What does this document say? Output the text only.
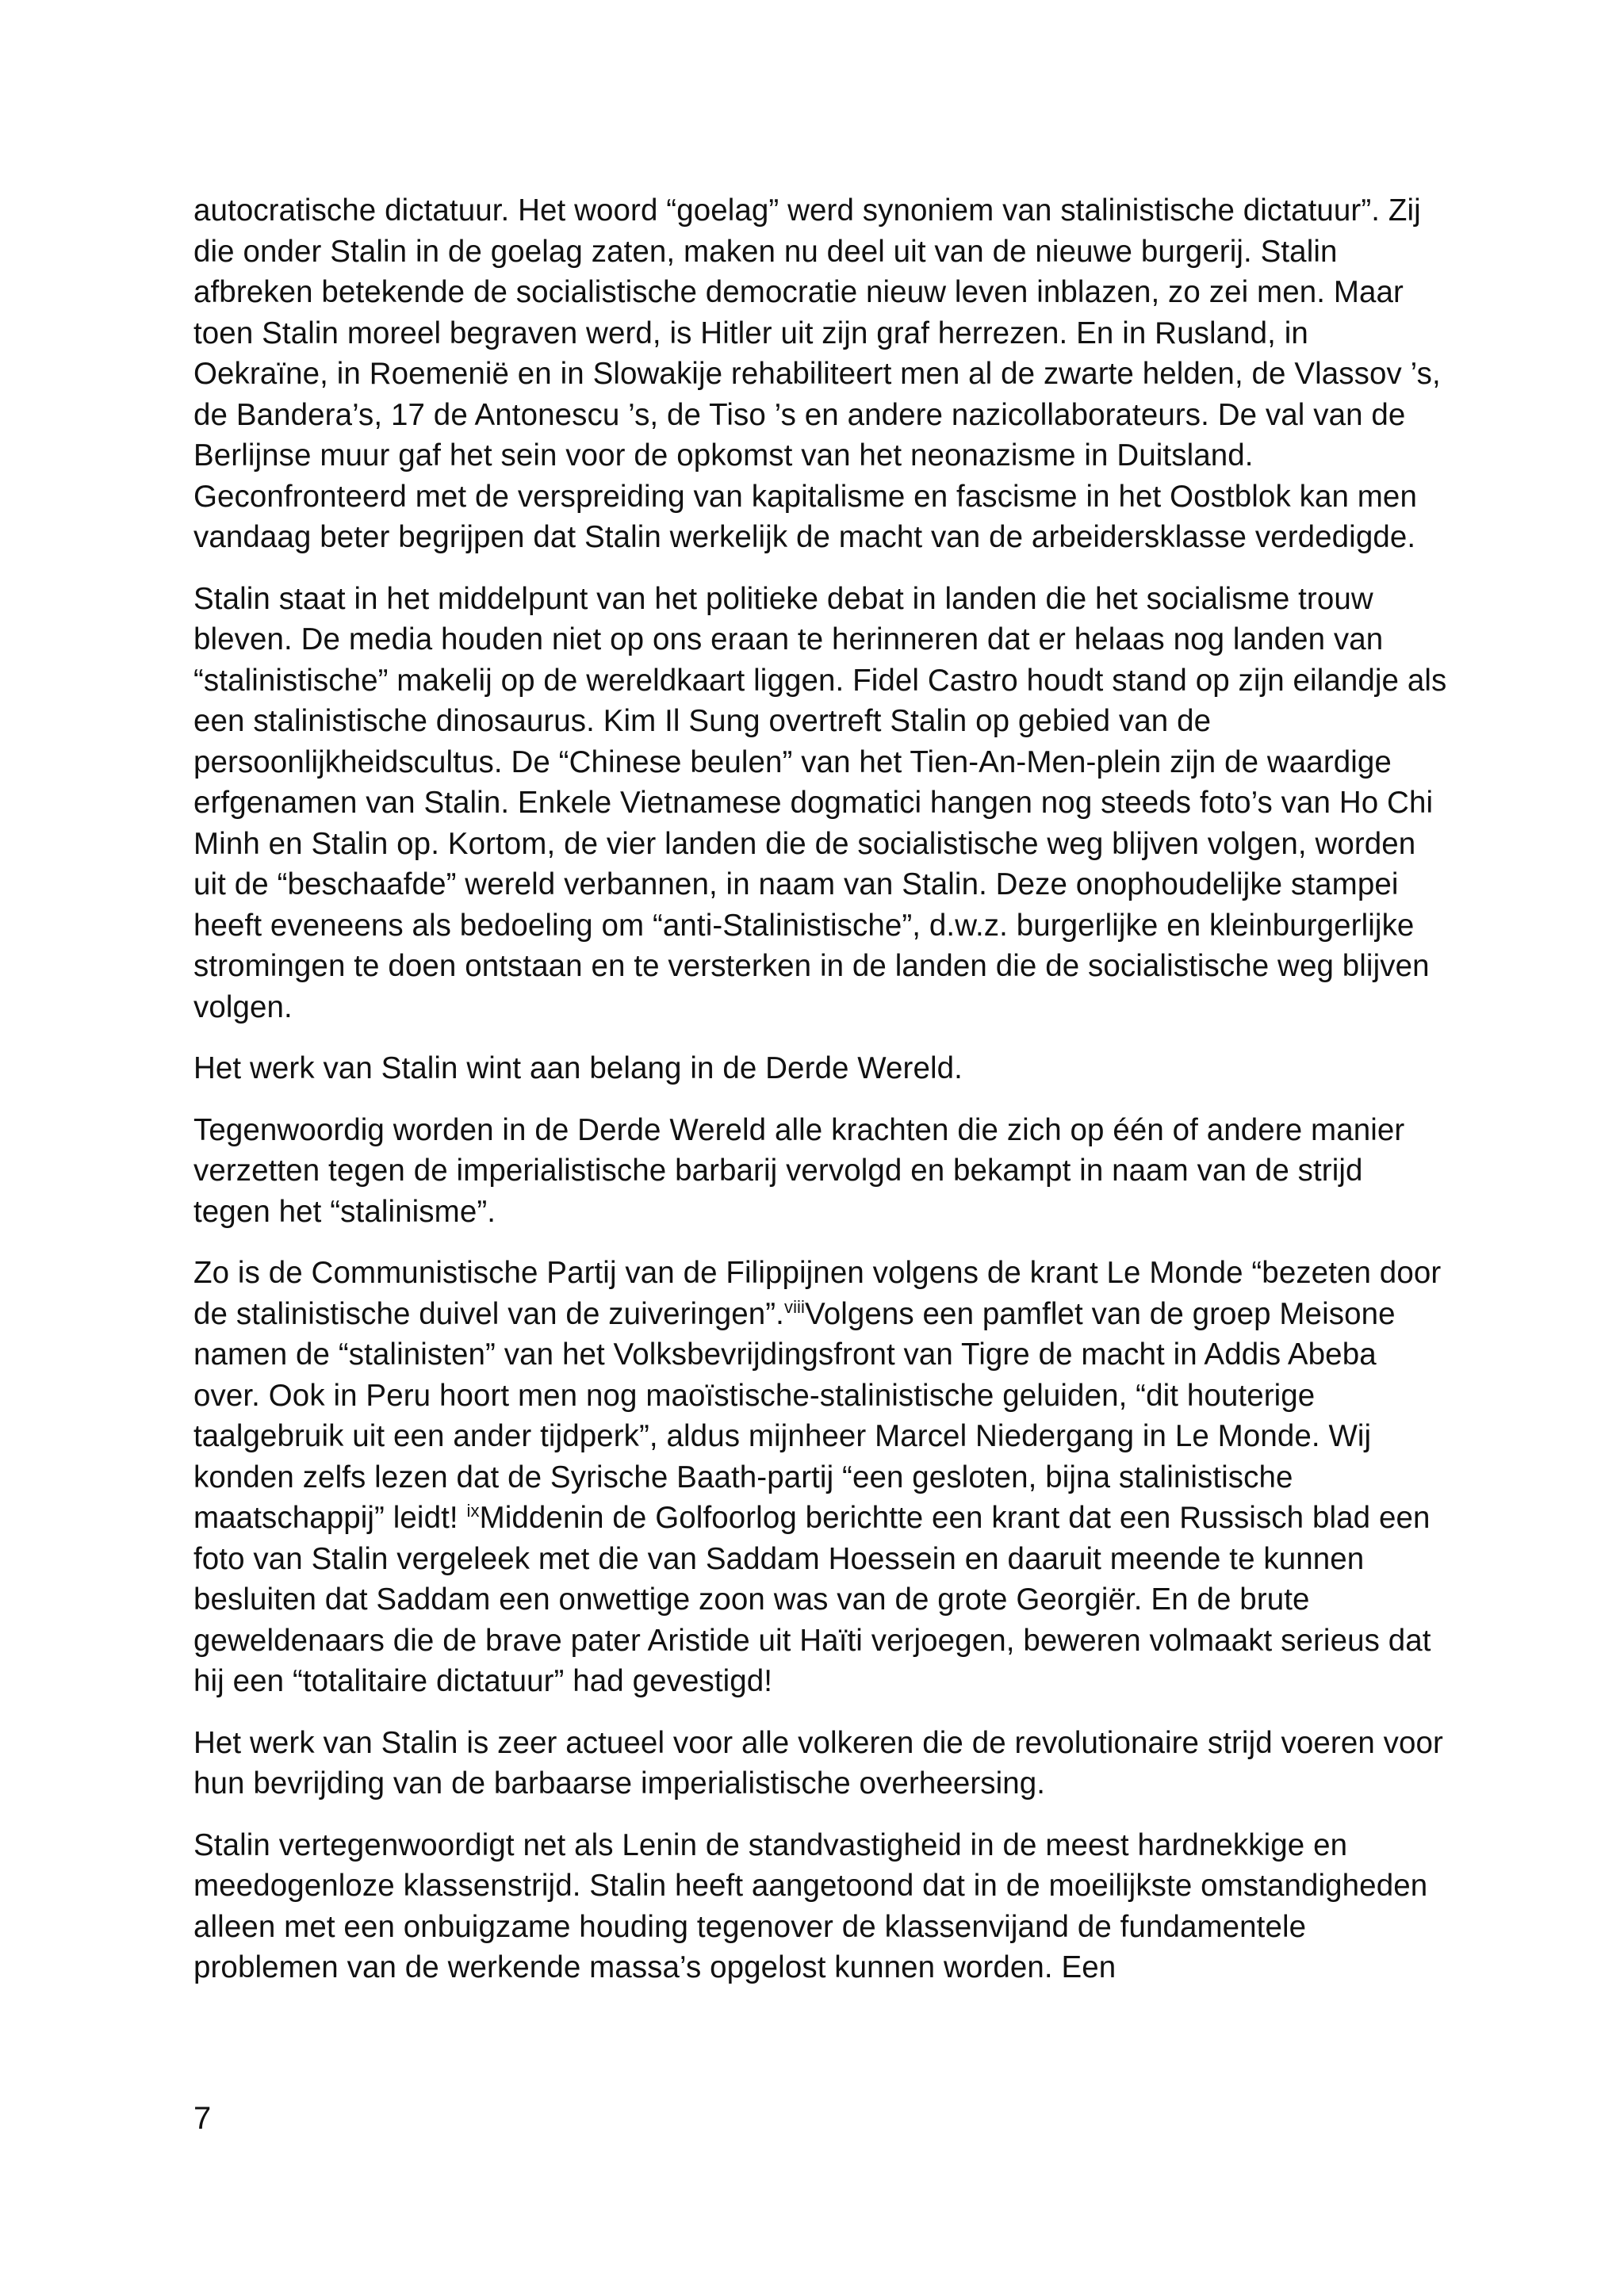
autocratische dictatuur. Het woord “goelag” werd synoniem van stalinistische dictatuur”. Zij die onder Stalin in de goelag zaten, maken nu deel uit van de nieuwe burgerij. Stalin afbreken betekende de socialistische democratie nieuw leven inblazen, zo zei men. Maar toen Stalin moreel begraven werd, is Hitler uit zijn graf herrezen. En in Rusland, in Oekraïne, in Roemenië en in Slowakije rehabiliteert men al de zwarte helden, de Vlassov ’s, de Bandera’s, 17 de Antonescu ’s, de Tiso ’s en andere nazicollaborateurs. De val van de Berlijnse muur gaf het sein voor de opkomst van het neonazisme in Duitsland. Geconfronteerd met de verspreiding van kapitalisme en fascisme in het Oostblok kan men vandaag beter begrijpen dat Stalin werkelijk de macht van de arbeidersklasse verdedigde.

Stalin staat in het middelpunt van het politieke debat in landen die het socialisme trouw bleven. De media houden niet op ons eraan te herinneren dat er helaas nog landen van “stalinistische” makelij op de wereldkaart liggen. Fidel Castro houdt stand op zijn eilandje als een stalinistische dinosaurus. Kim Il Sung overtreft Stalin op gebied van de persoonlijkheidscultus. De “Chinese beulen” van het Tien-An-Men-plein zijn de waardige erfgenamen van Stalin. Enkele Vietnamese dogmatici hangen nog steeds foto’s van Ho Chi Minh en Stalin op. Kortom, de vier landen die de socialistische weg blijven volgen, worden uit de “beschaafde” wereld verbannen, in naam van Stalin. Deze onophoudelijke stampei heeft eveneens als bedoeling om “anti-Stalinistische”, d.w.z. burgerlijke en kleinburgerlijke stromingen te doen ontstaan en te versterken in de landen die de socialistische weg blijven volgen.

Het werk van Stalin wint aan belang in de Derde Wereld.

Tegenwoordig worden in de Derde Wereld alle krachten die zich op één of andere manier verzetten tegen de imperialistische barbarij vervolgd en bekampt in naam van de strijd tegen het “stalinisme”.

Zo is de Communistische Partij van de Filippijnen volgens de krant Le Monde “bezeten door de stalinistische duivel van de zuiveringen”.$^{viii}$Volgens een pamflet van de groep Meisone namen de “stalinisten” van het Volksbevrijdingsfront van Tigre de macht in Addis Abeba over. Ook in Peru hoort men nog maoïstische-stalinistische geluiden, “dit houterige taalgebruik uit een ander tijdperk”, aldus mijnheer Marcel Niedergang in Le Monde. Wij konden zelfs lezen dat de Syrische Baath-partij “een gesloten, bijna stalinistische maatschappij” leidt! $^{ix}$Middenin de Golfoorlog berichtte een krant dat een Russisch blad een foto van Stalin vergeleek met die van Saddam Hoessein en daaruit meende te kunnen besluiten dat Saddam een onwettige zoon was van de grote Georgiër. En de brute geweldenaars die de brave pater Aristide uit Haïti verjoegen, beweren volmaakt serieus dat hij een “totalitaire dictatuur” had gevestigd!

Het werk van Stalin is zeer actueel voor alle volkeren die de revolutionaire strijd voeren voor hun bevrijding van de barbaarse imperialistische overheersing.

Stalin vertegenwoordigt net als Lenin de standvastigheid in de meest hardnekkige en meedogenloze klassenstrijd. Stalin heeft aangetoond dat in de moeilijkste omstandigheden alleen met een onbuigzame houding tegenover de klassenvijand de fundamentele problemen van de werkende massa’s opgelost kunnen worden. Een

7
